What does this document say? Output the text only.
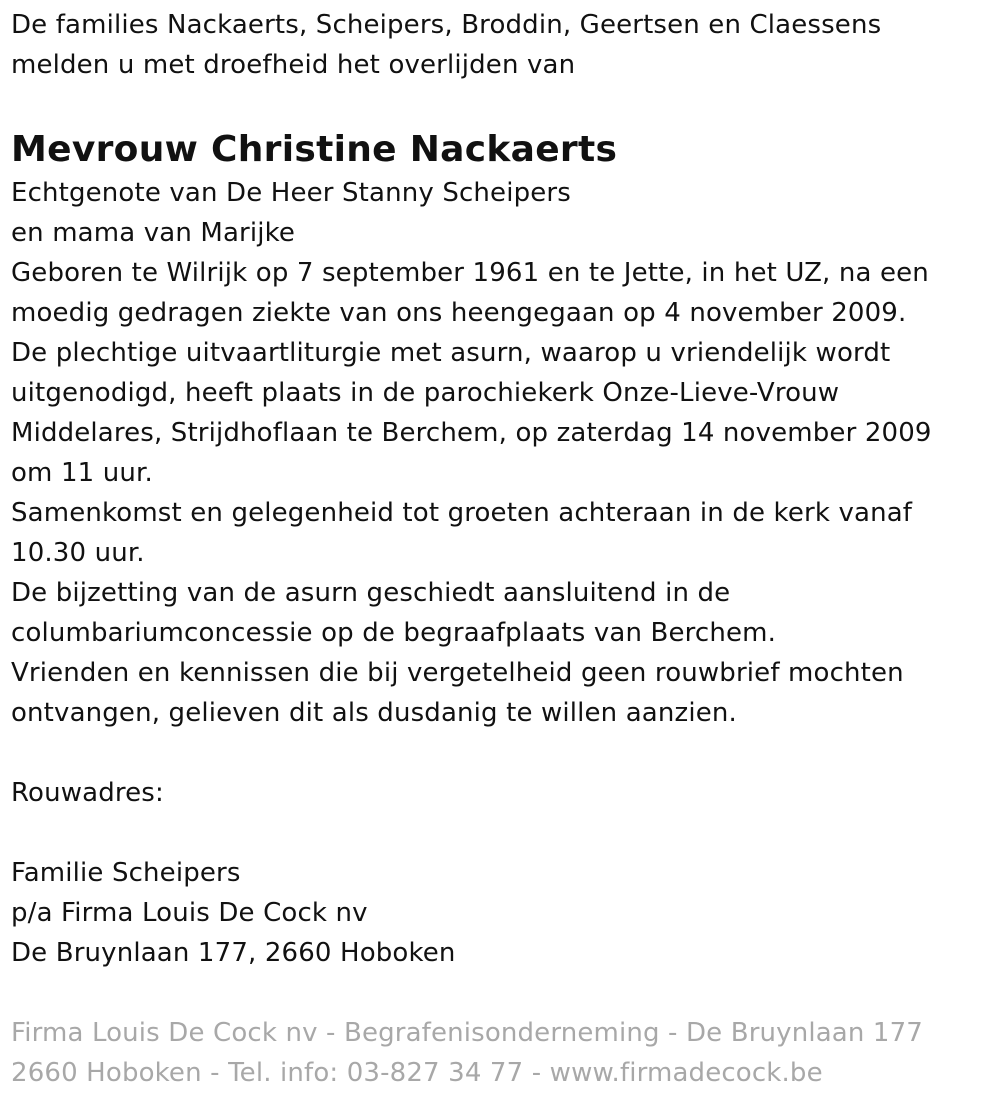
De families Nackaerts, Scheipers, Broddin, Geertsen en Claessens
melden u met droefheid het overlijden van
Mevrouw Christine Nackaerts
Echtgenote van De Heer Stanny Scheipers
en mama van Marijke
Geboren te Wilrijk op 7 september 1961 en te Jette, in het UZ, na een
moedig gedragen ziekte van ons heengegaan op 4 november 2009.
De plechtige uitvaartliturgie met asurn, waarop u vriendelijk wordt
uitgenodigd, heeft plaats in de parochiekerk Onze-Lieve-Vrouw
Middelares, Strijdhoflaan te Berchem, op zaterdag 14 november 2009
om 11 uur.
Samenkomst en gelegenheid tot groeten achteraan in de kerk vanaf
10.30 uur.
De bijzetting van de asurn geschiedt aansluitend in de
columbariumconcessie op de begraafplaats van Berchem.
Vrienden en kennissen die bij vergetelheid geen rouwbrief mochten
ontvangen, gelieven dit als dusdanig te willen aanzien.
Rouwadres:
Familie Scheipers
p/a Firma Louis De Cock nv
De Bruynlaan 177, 2660 Hoboken
Firma Louis De Cock nv - Begrafenisonderneming - De Bruynlaan 177
2660 Hoboken - Tel. info: 03-827 34 77 - www.firmadecock.be
